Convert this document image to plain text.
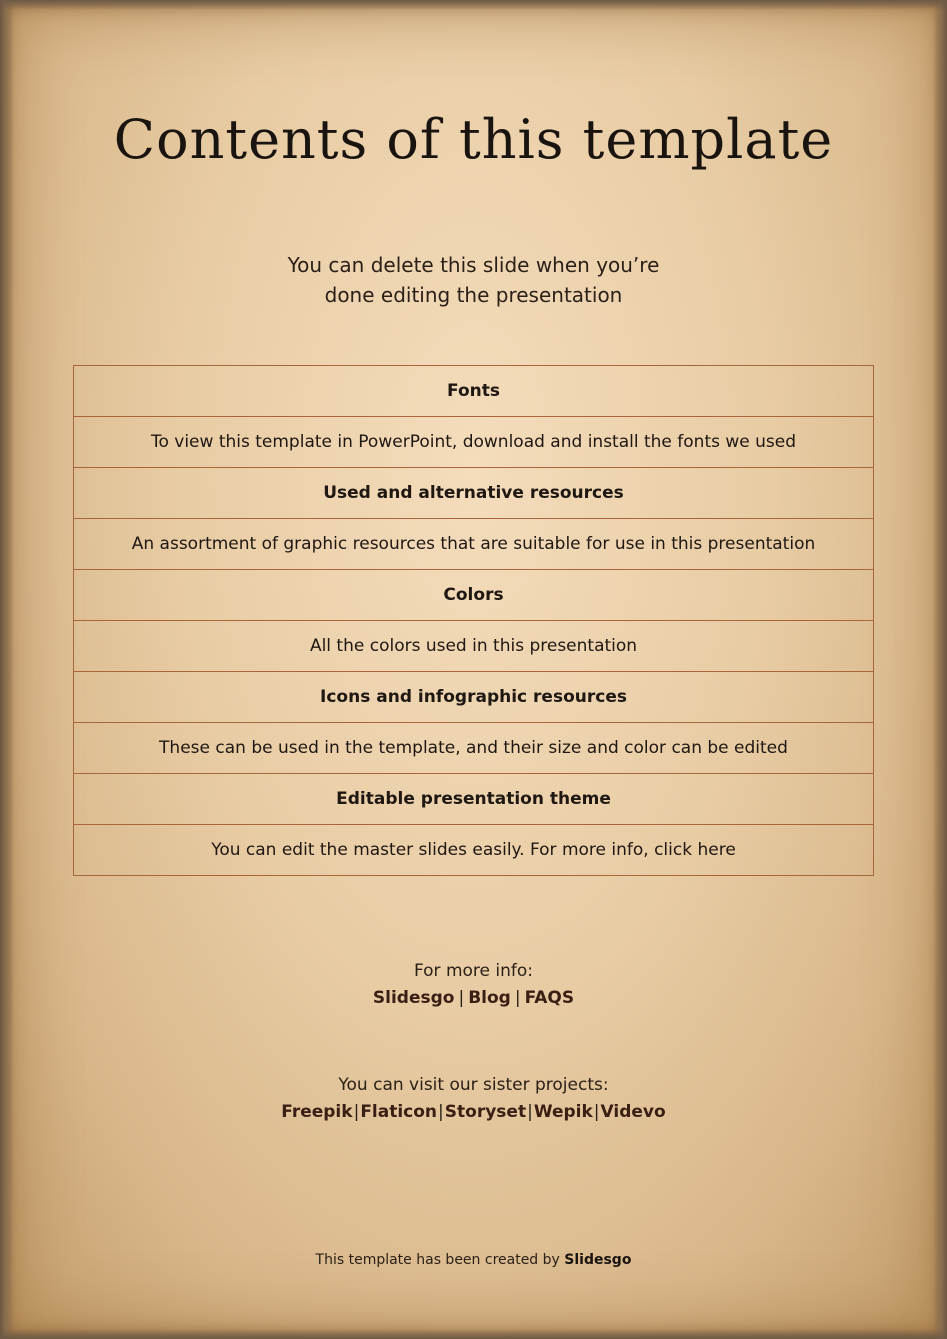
Contents of this template
You can delete this slide when you’re
done editing the presentation
Fonts
To view this template in PowerPoint, download and install the fonts we used
Used and alternative resources
An assortment of graphic resources that are suitable for use in this presentation
Colors
All the colors used in this presentation
Icons and infographic resources
These can be used in the template, and their size and color can be edited
Editable presentation theme
You can edit the master slides easily. For more info, click here
For more info:
Slidesgo | Blog | FAQS
You can visit our sister projects:
Freepik|Flaticon|Storyset|Wepik|Videvo
This template has been created by Slidesgo
